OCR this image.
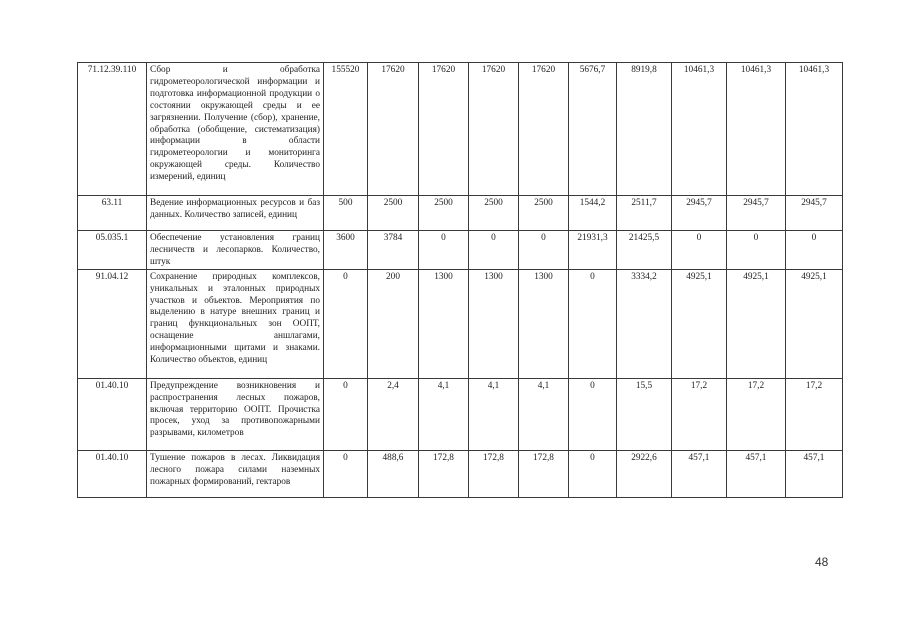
71.12.39.110	Сбор и обработка гидрометеорологической информации и подготовка информационной продукции о состоянии окружающей среды и ее загрязнении. Получение (сбор), хранение, обработка (обобщение, систематизация) информации в области гидрометеорологии и мониторинга окружающей среды. Количество измерений, единиц	155520	17620	17620	17620	17620	5676,7	8919,8	10461,3	10461,3	10461,3
63.11	Ведение информационных ресурсов и баз данных. Количество записей, единиц	500	2500	2500	2500	2500	1544,2	2511,7	2945,7	2945,7	2945,7
05.035.1	Обеспечение установления границ лесничеств и лесопарков. Количество, штук	3600	3784	0	0	0	21931,3	21425,5	0	0	0
91.04.12	Сохранение природных комплексов, уникальных и эталонных природных участков и объектов. Мероприятия по выделению в натуре внешних границ и границ функциональных зон ООПТ, оснащение аншлагами, информационными щитами и знаками. Количество объектов, единиц	0	200	1300	1300	1300	0	3334,2	4925,1	4925,1	4925,1
01.40.10	Предупреждение возникновения и распространения лесных пожаров, включая территорию ООПТ. Прочистка просек, уход за противопожарными разрывами, километров	0	2,4	4,1	4,1	4,1	0	15,5	17,2	17,2	17,2
01.40.10	Тушение пожаров в лесах. Ликвидация лесного пожара силами наземных пожарных формирований, гектаров	0	488,6	172,8	172,8	172,8	0	2922,6	457,1	457,1	457,1
48
